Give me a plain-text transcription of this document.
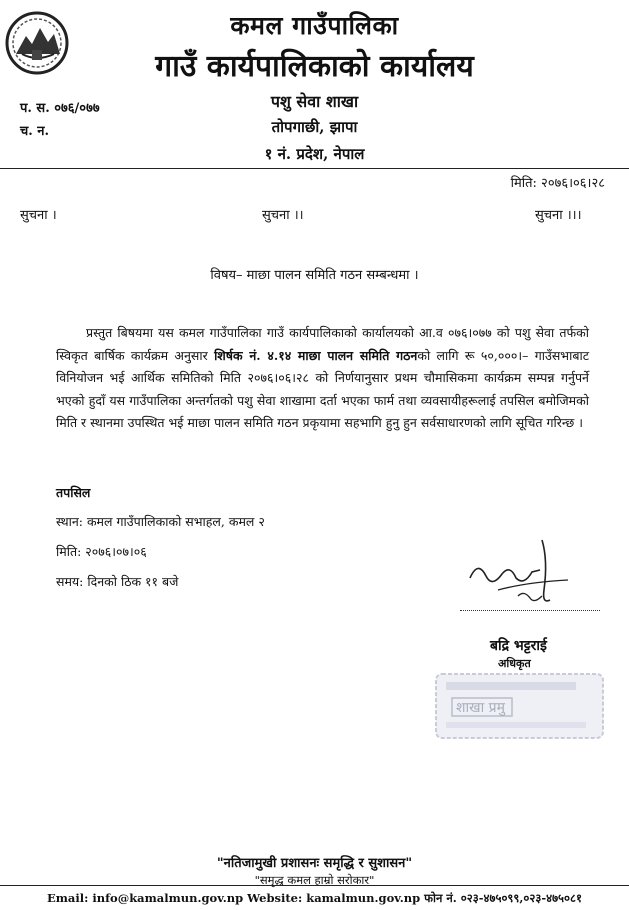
कमल गाउँपालिका
गाउँ कार्यपालिकाको कार्यालय
पशु सेवा शाखा
तोपगाछी, झापा
१ नं. प्रदेश, नेपाल
प. स. ०७६/०७७
च. न.
मिति: २०७६।०६।२८
सुचना ।	सुचना ।।	सुचना ।।।
विषय– माछा पालन समिति गठन सम्बन्धमा ।
प्रस्तुत बिषयमा यस कमल गाउँपालिका गाउँ कार्यपालिकाको कार्यालयको आ.व ०७६।०७७ को पशु सेवा तर्फको स्विकृत बार्षिक कार्यक्रम अनुसार शिर्षक नं. ४.१४ माछा पालन समिति गठनको लागि रू ५०,०००।– गाउँसभाबाट विनियोजन भई आर्थिक समितिको मिति २०७६।०६।२८ को निर्णयानुसार प्रथम चौमासिकमा कार्यक्रम सम्पन्न गर्नुपर्ने भएको हुदाँ यस गाउँपालिका अन्तर्गतको पशु सेवा शाखामा दर्ता भएका फार्म तथा व्यवसायीहरूलाई तपसिल बमोजिमको मिति र स्थानमा उपस्थित भई माछा पालन समिति गठन प्रकृयामा सहभागि हुनु हुन सर्वसाधारणको लागि सूचित गरिन्छ ।
तपसिल
स्थान: कमल गाउँपालिकाको सभाहल, कमल २
मिति: २०७६।०७।०६
समय: दिनको ठिक ११ बजे
बद्रि भट्टराई
अधिकृत
शाखा प्रमु
"नतिजामुखी प्रशासनः समृद्धि र सुशासन"
"समृद्ध कमल हाम्रो सरोकार"
Email: info@kamalmun.gov.np Website: kamalmun.gov.np फोन नं. ०२३-४७५०९९,०२३-४७५०८१
